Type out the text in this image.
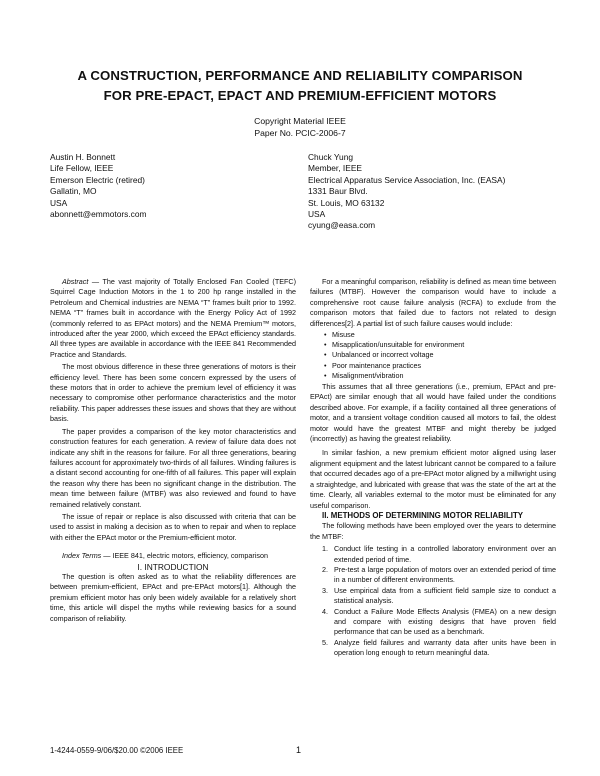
A CONSTRUCTION, PERFORMANCE AND RELIABILITY COMPARISON
FOR PRE-EPACT, EPACT AND PREMIUM-EFFICIENT MOTORS
Copyright Material IEEE
Paper No. PCIC-2006-7
Austin H. Bonnett
Life Fellow, IEEE
Emerson Electric (retired)
Gallatin, MO
USA
abonnett@emmotors.com
Chuck Yung
Member, IEEE
Electrical Apparatus Service Association, Inc. (EASA)
1331 Baur Blvd.
St. Louis, MO 63132
USA
cyung@easa.com

Abstract — The vast majority of Totally Enclosed Fan Cooled (TEFC) Squirrel Cage Induction Motors in the 1 to 200 hp range installed in the Petroleum and Chemical industries are NEMA “T” frames built prior to 1992. NEMA “T” frames built in accordance with the Energy Policy Act of 1992 (commonly referred to as EPAct motors) and the NEMA Premium™ motors, introduced after the year 2000, which exceed the EPAct efficiency standards. All three types are available in accordance with the IEEE 841 Recommended Practice and Standards.

The most obvious difference in these three generations of motors is their efficiency level. There has been some concern expressed by the users of these motors that in order to achieve the premium level of efficiency it was necessary to compromise other performance characteristics and the motor reliability. This paper addresses these issues and shows that they are without basis.

The paper provides a comparison of the key motor characteristics and construction features for each generation. A review of failure data does not indicate any shift in the reasons for failure. For all three generations, bearing failures account for approximately two-thirds of all failures. Winding failures is a distant second accounting for one-fifth of all failures. This paper will explain the reason why there has been no significant change in the distribution. The mean time between failure (MTBF) was also reviewed and found to have remained relatively constant.

The issue of repair or replace is also discussed with criteria that can be used to assist in making a decision as to when to repair and when to replace with either the EPAct motor or the Premium-efficient motor.

Index Terms — IEEE 841, electric motors, efficiency, comparison

I. INTRODUCTION

The question is often asked as to what the reliability differences are between premium-efficient, EPAct and pre-EPAct motors[1]. Although the premium efficient motor has only been widely available for a relatively short time, this article will dispel the myths while reviewing basics for a sound comparison of reliability.

For a meaningful comparison, reliability is defined as mean time between failures (MTBF). However the comparison would have to include a comprehensive root cause failure analysis (RCFA) to exclude from the comparison motors that failed due to factors not related to design differences[2]. A partial list of such failure causes would include:

• Misuse
• Misapplication/unsuitable for environment
• Unbalanced or incorrect voltage
• Poor maintenance practices
• Misalignment/vibration

This assumes that all three generations (i.e., premium, EPAct and pre-EPAct) are similar enough that all would have failed under the conditions described above. For example, if a facility contained all three generations of motor, and a transient voltage condition caused all motors to fail, the oldest motor would have the greatest MTBF and might thereby be judged (incorrectly) as having the greatest reliability.

In similar fashion, a new premium efficient motor aligned using laser alignment equipment and the latest lubricant cannot be compared to a failure that occurred decades ago of a pre-EPAct motor aligned by a millwright using a straightedge, and lubricated with grease that was the state of the art at the time. Clearly, all variables external to the motor must be eliminated for any useful comparison.

II. METHODS OF DETERMINING MOTOR RELIABILITY

The following methods have been employed over the years to determine the MTBF:

1. Conduct life testing in a controlled laboratory environment over an extended period of time.
2. Pre-test a large population of motors over an extended period of time in a number of different environments.
3. Use empirical data from a sufficient field sample size to conduct a statistical analysis.
4. Conduct a Failure Mode Effects Analysis (FMEA) on a new design and compare with existing designs that have proven field performance that can be used as a benchmark.
5. Analyze field failures and warranty data after units have been in operation long enough to return meaningful data.
1-4244-0559-9/06/$20.00 ©2006 IEEE	1
